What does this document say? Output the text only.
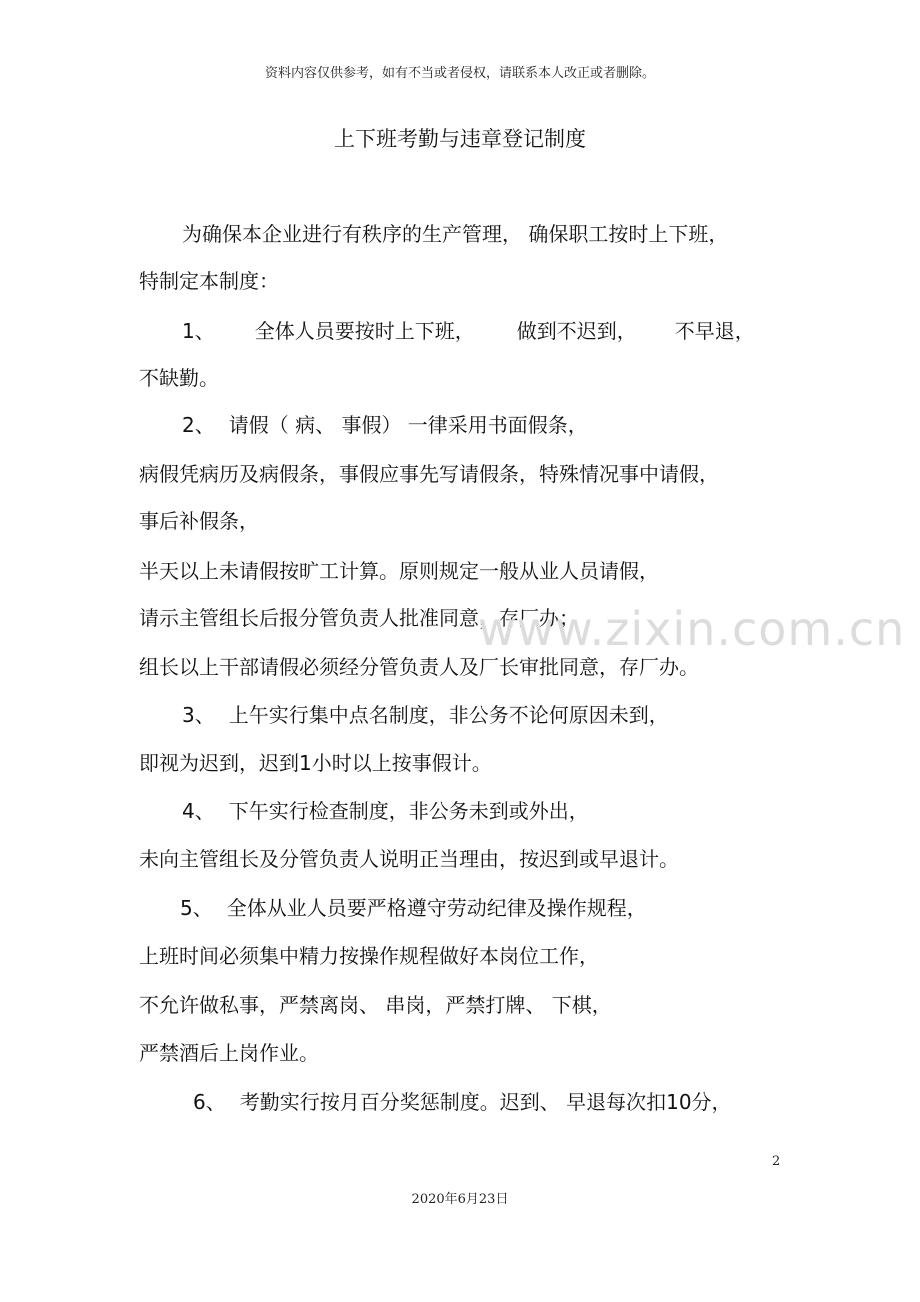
资料内容仅供参考，如有不当或者侵权，请联系本人改正或者删除。
上下班考勤与违章登记制度
为确保本企业进行有秩序的生产管理， 确保职工按时上下班，
特制定本制度：
1、 全体人员要按时上下班， 做到不迟到， 不早退，
不缺勤。
2、 请假（ 病、 事假） 一律采用书面假条，
病假凭病历及病假条，事假应事先写请假条，特殊情况事中请假，
事后补假条，
半天以上未请假按旷工计算。原则规定一般从业人员请假，
请示主管组长后报分管负责人批准同意，存厂办；
组长以上干部请假必须经分管负责人及厂长审批同意，存厂办。
3、 上午实行集中点名制度，非公务不论何原因未到，
即视为迟到，迟到1小时以上按事假计。
4、 下午实行检查制度，非公务未到或外出，
未向主管组长及分管负责人说明正当理由，按迟到或早退计。
5、 全体从业人员要严格遵守劳动纪律及操作规程，
上班时间必须集中精力按操作规程做好本岗位工作，
不允许做私事，严禁离岗、 串岗，严禁打牌、 下棋，
严禁酒后上岗作业。
6、 考勤实行按月百分奖惩制度。迟到、 早退每次扣10分，
www.zixin.com.cn
2
2020年6月23日
